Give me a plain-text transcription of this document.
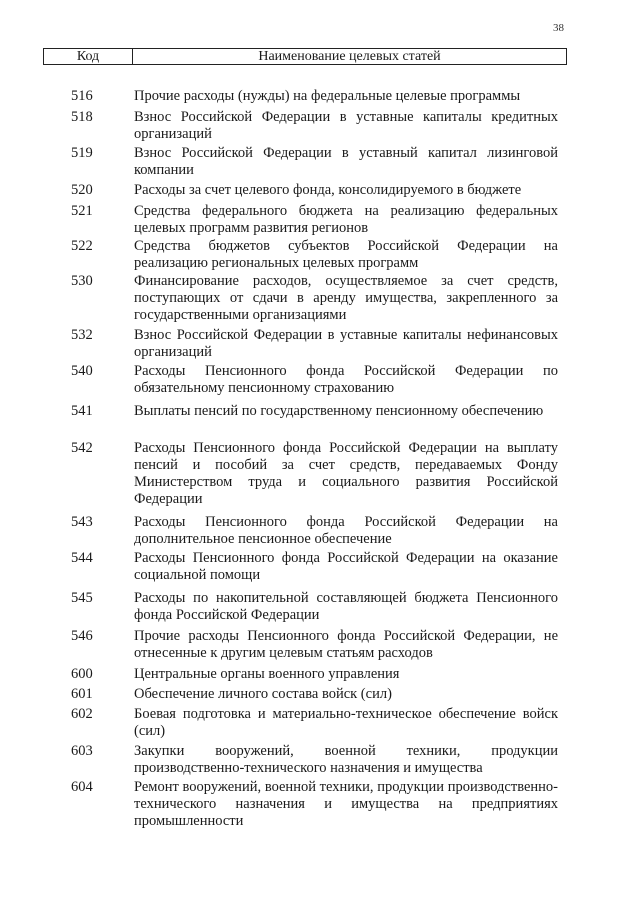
38
Код	Наименование целевых статей
516	Прочие расходы (нужды) на федеральные целевые программы
518	Взнос Российской Федерации в уставные капиталы кредитных организаций
519	Взнос Российской Федерации в уставный капитал лизинговой компании
520	Расходы за счет целевого фонда, консолидируемого в бюджете
521	Средства федерального бюджета на реализацию федеральных целевых программ развития регионов
522	Средства бюджетов субъектов Российской Федерации на реализацию региональных целевых программ
530	Финансирование расходов, осуществляемое за счет средств, поступающих от сдачи в аренду имущества, закрепленного за государственными организациями
532	Взнос Российской Федерации в уставные капиталы нефинансовых организаций
540	Расходы Пенсионного фонда Российской Федерации по обязательному пенсионному страхованию
541	Выплаты пенсий по государственному пенсионному обеспечению
542	Расходы Пенсионного фонда Российской Федерации на выплату пенсий и пособий за счет средств, передаваемых Фонду Министерством труда и социального развития Российской Федерации
543	Расходы Пенсионного фонда Российской Федерации на дополнительное пенсионное обеспечение
544	Расходы Пенсионного фонда Российской Федерации на оказание социальной помощи
545	Расходы по накопительной составляющей бюджета Пенсионного фонда Российской Федерации
546	Прочие расходы Пенсионного фонда Российской Федерации, не отнесенные к другим целевым статьям расходов
600	Центральные органы военного управления
601	Обеспечение личного состава войск (сил)
602	Боевая подготовка и материально-техническое обеспечение войск (сил)
603	Закупки вооружений, военной техники, продукции производственно-технического назначения и имущества
604	Ремонт вооружений, военной техники, продукции производственно-технического назначения и имущества на предприятиях промышленности
